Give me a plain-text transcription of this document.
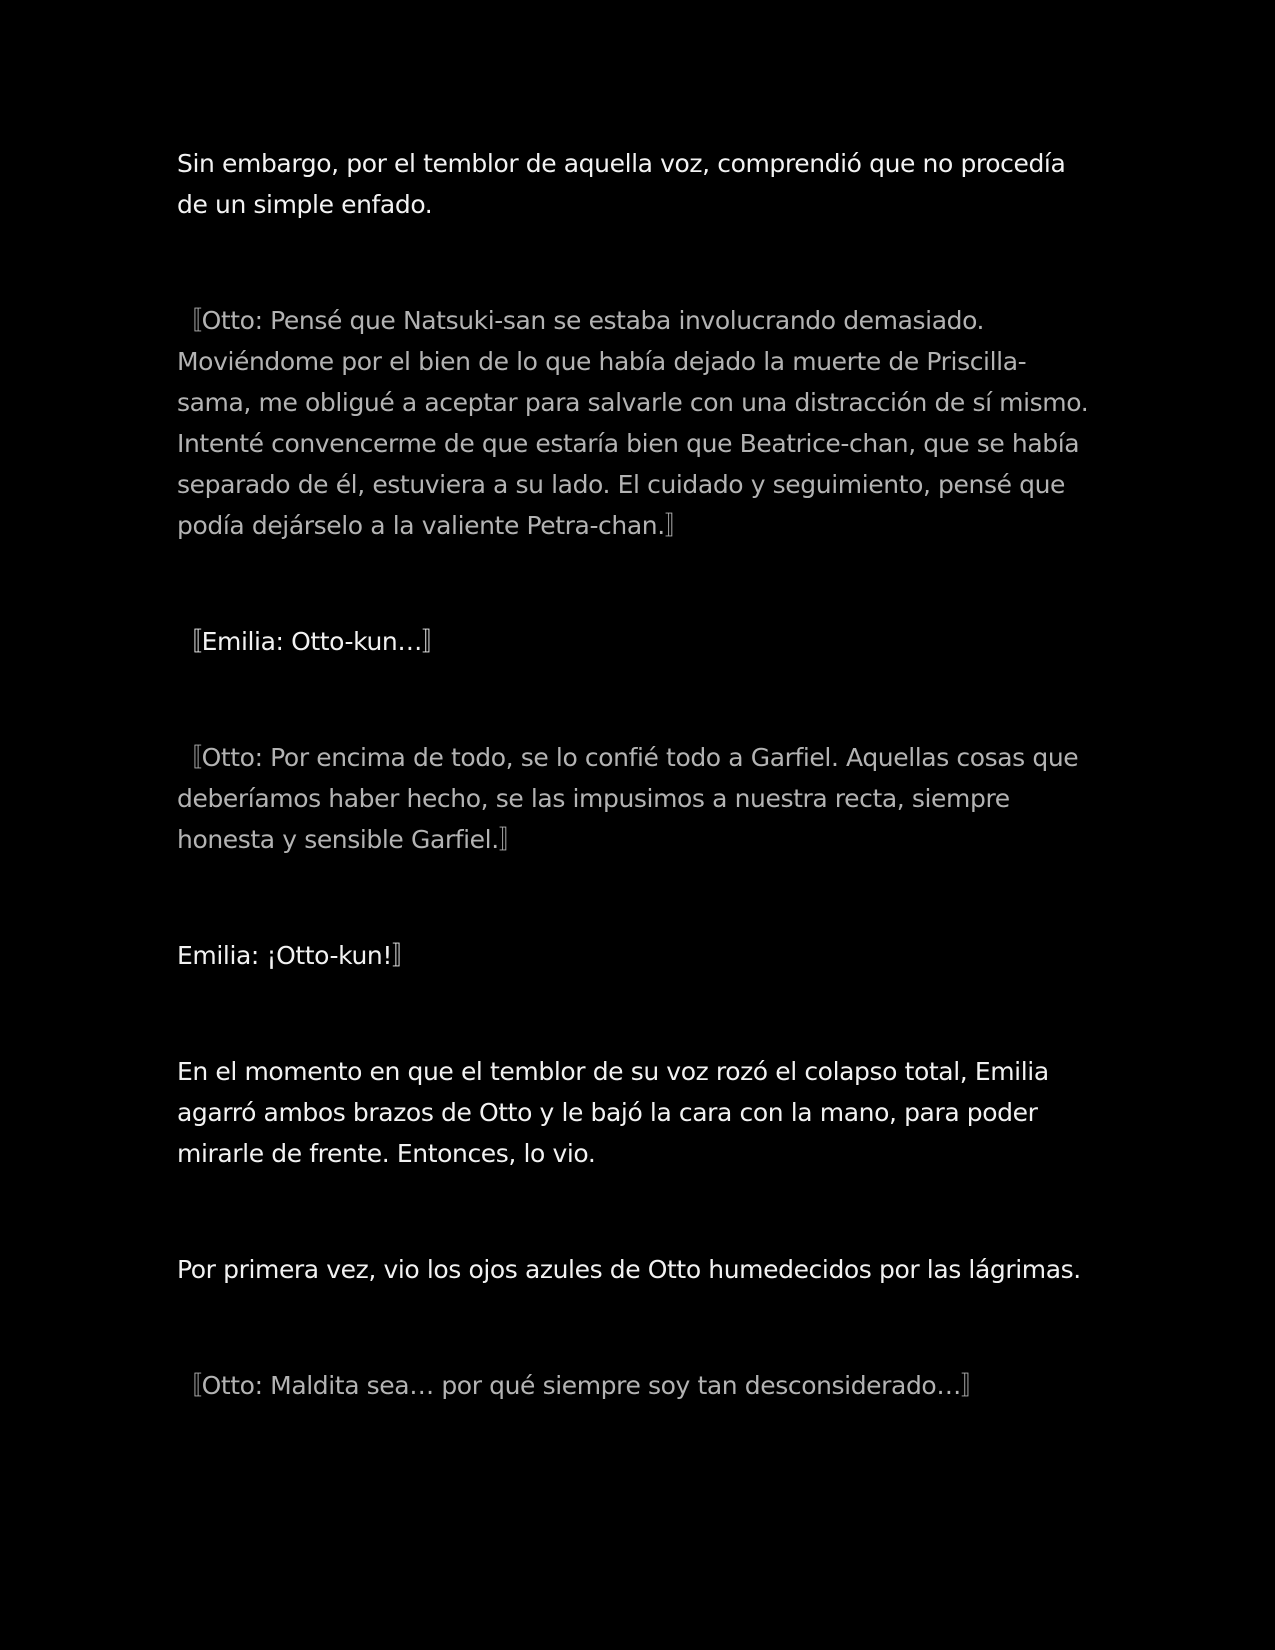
Sin embargo, por el temblor de aquella voz, comprendió que no procedía de un simple enfado.

〚Otto: Pensé que Natsuki-san se estaba involucrando demasiado. Moviéndome por el bien de lo que había dejado la muerte de Priscilla-sama, me obligué a aceptar para salvarle con una distracción de sí mismo. Intenté convencerme de que estaría bien que Beatrice-chan, que se había separado de él, estuviera a su lado. El cuidado y seguimiento, pensé que podía dejárselo a la valiente Petra-chan.〛

〚Emilia: Otto-kun…〛

〚Otto: Por encima de todo, se lo confié todo a Garfiel. Aquellas cosas que deberíamos haber hecho, se las impusimos a nuestra recta, siempre honesta y sensible Garfiel.〛

Emilia: ¡Otto-kun!〛

En el momento en que el temblor de su voz rozó el colapso total, Emilia agarró ambos brazos de Otto y le bajó la cara con la mano, para poder mirarle de frente. Entonces, lo vio.

Por primera vez, vio los ojos azules de Otto humedecidos por las lágrimas.

〚Otto: Maldita sea… por qué siempre soy tan desconsiderado…〛
